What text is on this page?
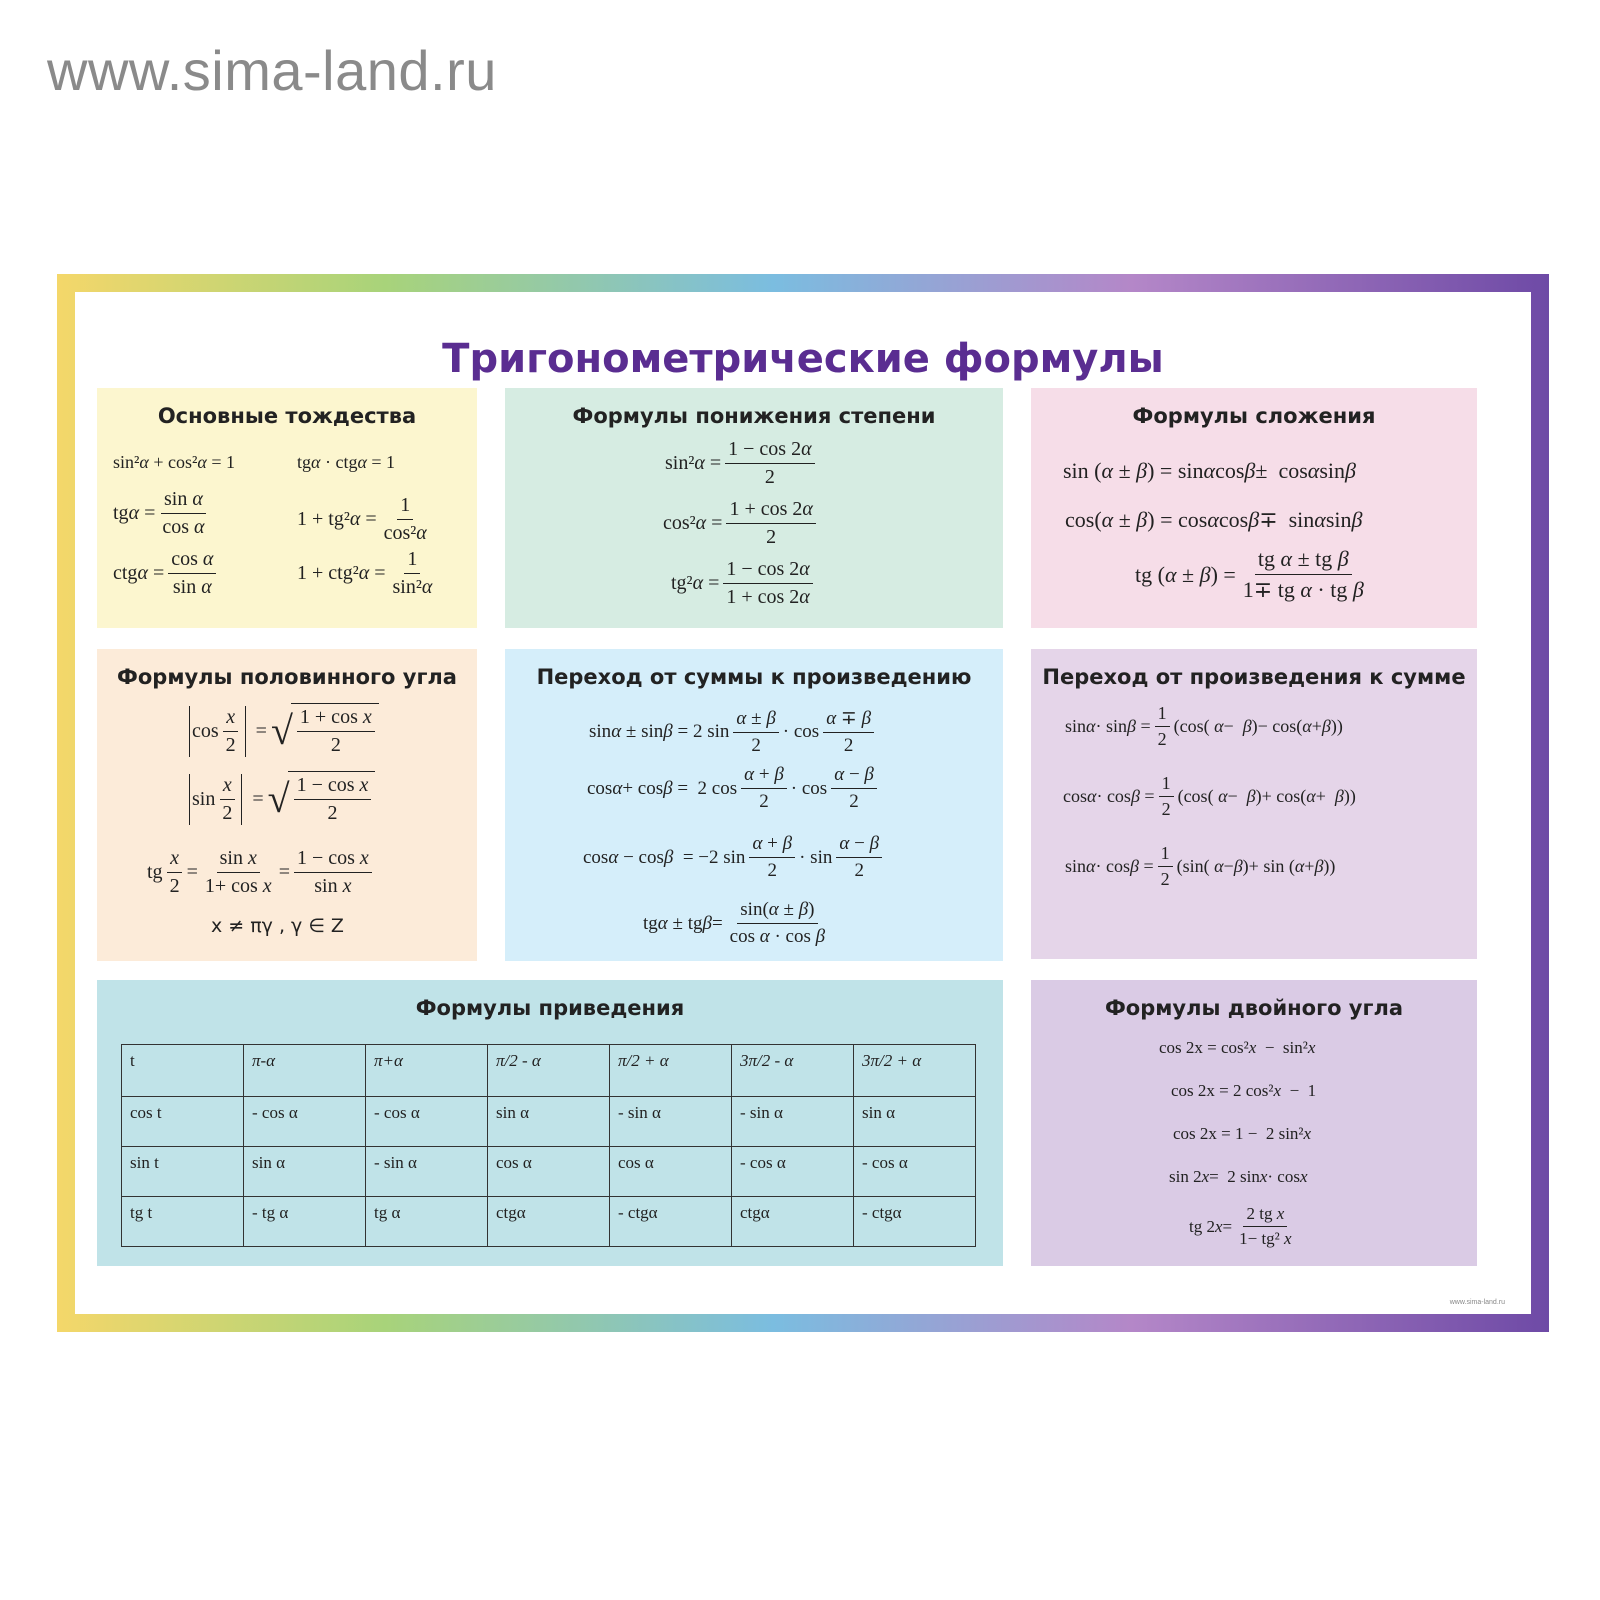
www.sima-land.ru
Тригонометрические формулы
Основные тождества
sin² α + cos² α = 1	tg α · ctg α = 1
tg $\alpha = \frac{\text{sin α}}{\text{cos α}}$	1 + tg² $\alpha = \frac{1}{\text{cos²α}}$
ctg $\alpha = \frac{\text{cos α}}{\text{sin α}}$	1 + ctg² $\alpha = \frac{1}{\text{sin²α}}$
Формулы понижения степени
sin² $\alpha = \frac{1 - \cos 2\alpha}{2}$
cos² $\alpha = \frac{1 + \cos 2\alpha}{2}$
tg² $\alpha = \frac{1 - \cos 2\alpha}{1 + \cos 2\alpha}$
Формулы сложения
sin ( α ± β ) = sin α cos β ±  cos α sin β
cos( α ± β ) = cos α cos β ∓  sin α sin β
tg ( α ± β ) = $\frac{\text{tg α ± tg β}}{\text{1∓ tg α · tg β}}$
Формулы половинного угла
$\cos \frac{x}{2}$ = √ $\frac{\text{1 + cos x}}{2}$
$\sin \frac{x}{2}$ = √ $\frac{\text{1 − cos x}}{2}$
tg $\frac{x}{2} = \frac{\text{sin x}}{\text{1+ cos x}} = \frac{\text{1 − cos x}}{\text{sin x}}$
x ≠ πγ , γ ∈ Z
Переход от суммы к произведению
sin α ± sin β = 2 $\sin \frac{\alpha \pm \beta}{2} \cdot \cos \frac{\alpha \mp \beta}{2}$
cos α + cos β =  2 $\cos \frac{\alpha + \beta}{2} \cdot \cos \frac{\alpha - \beta}{2}$
cos α − cos β = −2 $\sin \frac{\alpha + \beta}{2} \cdot \sin \frac{\alpha - \beta}{2}$
tg α ± tg $\beta = \frac{\sin(\alpha \pm \beta)}{\text{cos α · cos β}}$
Переход от произведения к сумме
$\sin \alpha \cdot \sin \beta = \frac{1}{2} (\cos$( α − β )− cos( α + β ))
$\cos \alpha \cdot \cos \beta = \frac{1}{2} (\cos$( α − β )+ cos( α + β ))
$\sin \alpha \cdot \cos \beta = \frac{1}{2} (\sin$( α − β )+ sin ( α + β ))
Формулы приведения
t	π-α	π+α	π/2 - α	π/2 + α	3π/2 - α	3π/2 + α
cos t	- cos α	- cos α	sin α	- sin α	- sin α	sin α
sin t	sin α	- sin α	cos α	cos α	- cos α	- cos α
tg t	- tg α	tg α	ctgα	- ctgα	ctgα	- ctgα
Формулы двойного угла
cos 2x = cos² x −  sin² x
cos 2x = 2 cos² x −  1
cos 2x = 1 −  2 sin² x
sin 2 x =  2 sin x · cos x
tg 2 $x = \frac{\text{2 tg x}}{\text{1− tg² x}}$
www.sima-land.ru
